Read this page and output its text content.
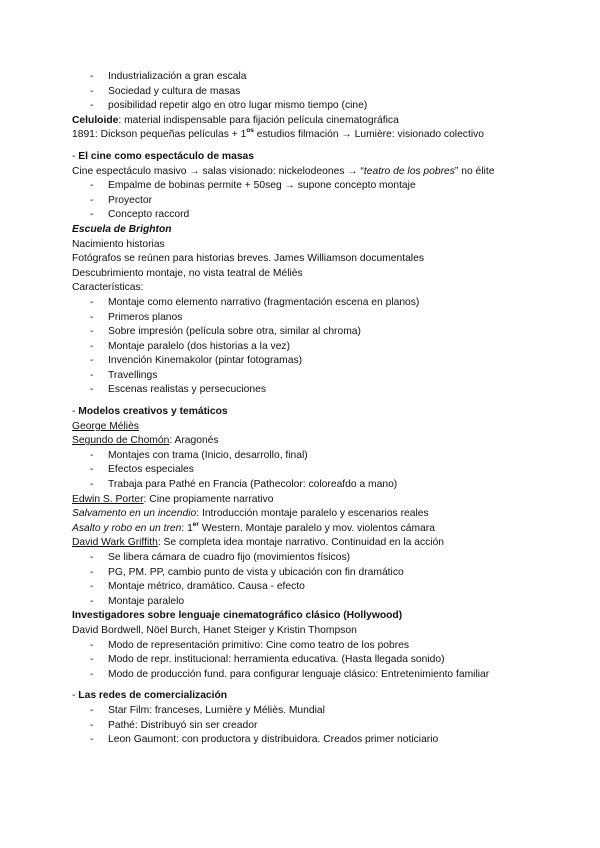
- Industrialización a gran escala
- Sociedad y cultura de masas
- posibilidad repetir algo en otro lugar mismo tiempo (cine)
Celuloide: material indispensable para fijación película cinematográfica
1891: Dickson pequeñas películas + $1^{os}$ estudios filmación → Lumière: visionado colectivo
- El cine como espectáculo de masas
Cine espectáculo masivo → salas visionado: nickelodeones → “teatro de los pobres” no élite
- Empalme de bobinas permite + 50seg → supone concepto montaje
- Proyector
- Concepto raccord
Escuela de Brighton
Nacimiento historias
Fotógrafos se reúnen para historias breves. James Williamson documentales
Descubrimiento montaje, no vista teatral de Méliès
Características:
- Montaje como elemento narrativo (fragmentación escena en planos)
- Primeros planos
- Sobre impresión (película sobre otra, similar al chroma)
- Montaje paralelo (dos historias a la vez)
- Invención Kinemakolor (pintar fotogramas)
- Travellings
- Escenas realistas y persecuciones
- Modelos creativos y temáticos
George Méliès
Segundo de Chomón: Aragonés
- Montajes con trama (Inicio, desarrollo, final)
- Efectos especiales
- Trabaja para Pathé en Francia (Pathecolor: coloreafdo a mano)
Edwin S. Porter: Cine propiamente narrativo
Salvamento en un incendio: Introducción montaje paralelo y escenarios reales
Asalto y robo en un tren: 1er Western. Montaje paralelo y mov. violentos cámara
David Wark Griffith: Se completa idea montaje narrativo. Continuidad en la acción
- Se libera cámara de cuadro fijo (movimientos físicos)
- PG, PM. PP, cambio punto de vista y ubicación con fin dramático
- Montaje métrico, dramático. Causa - efecto
- Montaje paralelo
Investigadores sobre lenguaje cinematográfico clásico (Hollywood)
David Bordwell, Nöel Burch, Hanet Steiger y Kristin Thompson
- Modo de representación primitivo: Cine como teatro de los pobres
- Modo de repr. institucional: herramienta educativa. (Hasta llegada sonido)
- Modo de producción fund. para configurar lenguaje clásico: Entretenimiento familiar
- Las redes de comercialización
- Star Film: franceses, Lumière y Méliès. Mundial
- Pathé: Distribuyó sin ser creador
- Leon Gaumont: con productora y distribuidora. Creados primer noticiario
